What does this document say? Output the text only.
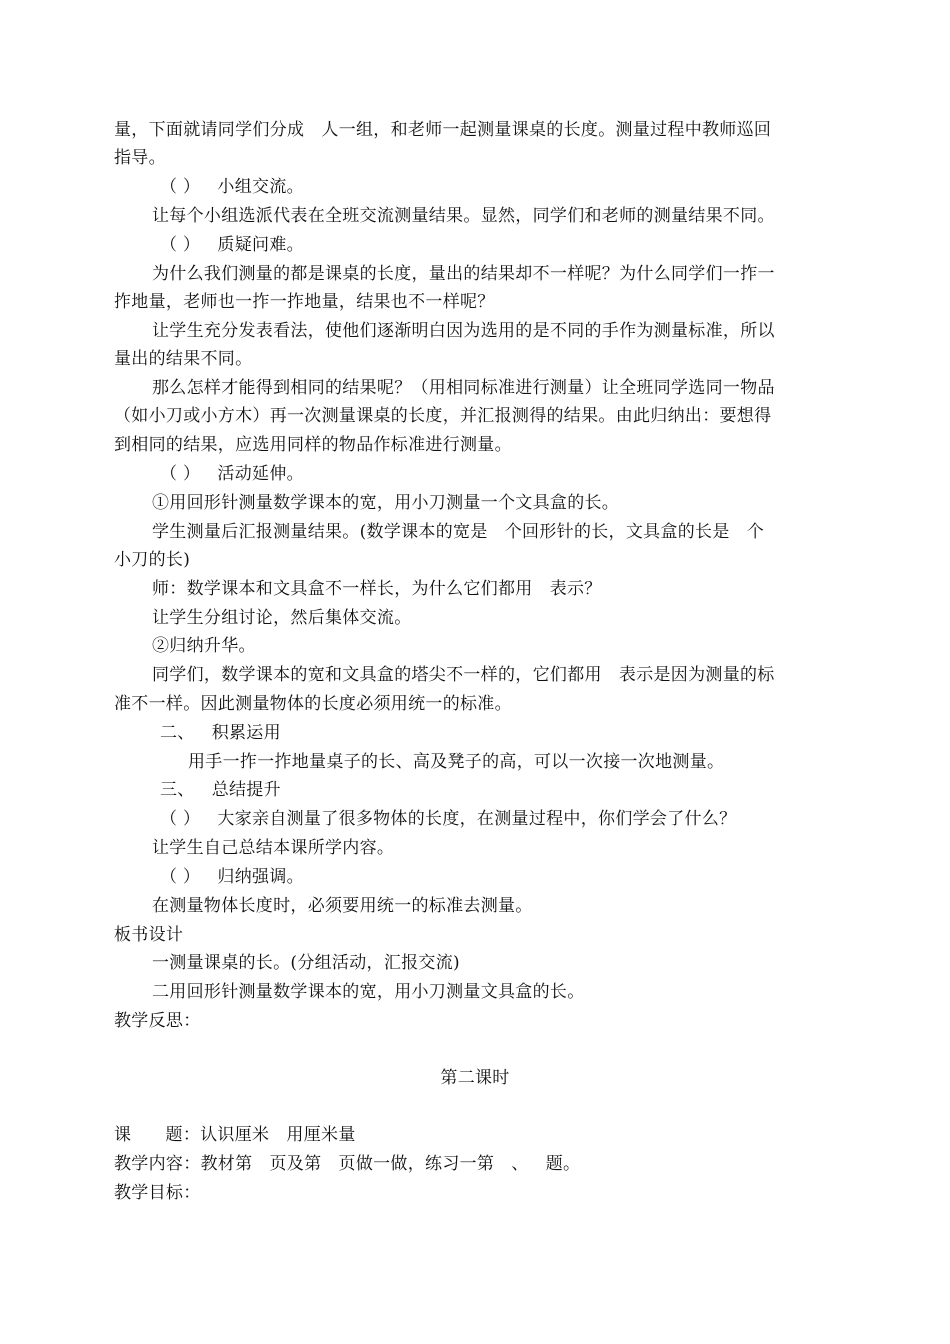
量，下面就请同学们分成   人一组，和老师一起测量课桌的长度。测量过程中教师巡回
指导。
（ ）   小组交流。
让每个小组选派代表在全班交流测量结果。显然，同学们和老师的测量结果不同。
（ ）   质疑问难。
为什么我们测量的都是课桌的长度，量出的结果却不一样呢？为什么同学们一拃一
拃地量，老师也一拃一拃地量，结果也不一样呢？
让学生充分发表看法，使他们逐渐明白因为选用的是不同的手作为测量标准，所以
量出的结果不同。
那么怎样才能得到相同的结果呢？（用相同标准进行测量）让全班同学选同一物品
（如小刀或小方木）再一次测量课桌的长度，并汇报测得的结果。由此归纳出：要想得
到相同的结果，应选用同样的物品作标准进行测量。
（ ）   活动延伸。
①用回形针测量数学课本的宽，用小刀测量一个文具盒的长。
学生测量后汇报测量结果。(数学课本的宽是   个回形针的长，文具盒的长是   个
小刀的长)
师：数学课本和文具盒不一样长，为什么它们都用   表示？
让学生分组讨论，然后集体交流。
②归纳升华。
同学们，数学课本的宽和文具盒的塔尖不一样的，它们都用   表示是因为测量的标
准不一样。因此测量物体的长度必须用统一的标准。
二、   积累运用
用手一拃一拃地量桌子的长、高及凳子的高，可以一次接一次地测量。
三、   总结提升
（ ）   大家亲自测量了很多物体的长度，在测量过程中，你们学会了什么？
让学生自己总结本课所学内容。
（ ）   归纳强调。
在测量物体长度时，必须要用统一的标准去测量。
板书设计
一测量课桌的长。(分组活动，汇报交流)
二用回形针测量数学课本的宽，用小刀测量文具盒的长。
教学反思：
第二课时
课      题：认识厘米   用厘米量
教学内容：教材第   页及第   页做一做，练习一第   、   题。
教学目标：
